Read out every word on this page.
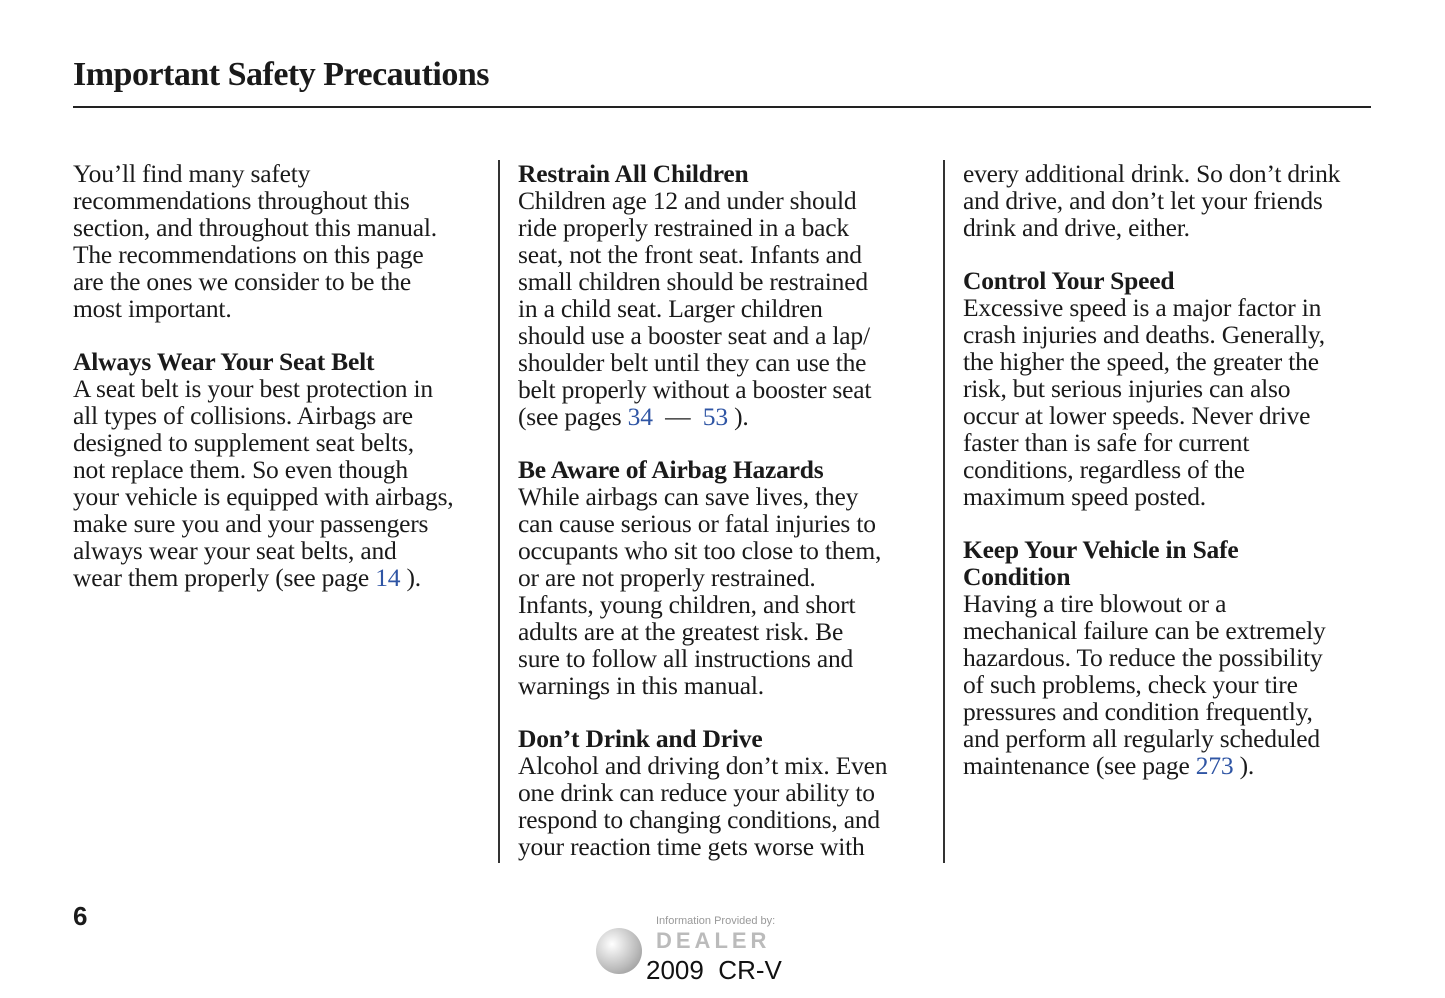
Important Safety Precautions
You’ll find many safety
recommendations throughout this
section, and throughout this manual.
The recommendations on this page
are the ones we consider to be the
most important.
Always Wear Your Seat Belt
A seat belt is your best protection in
all types of collisions. Airbags are
designed to supplement seat belts,
not replace them. So even though
your vehicle is equipped with airbags,
make sure you and your passengers
always wear your seat belts, and
wear them properly (see page 14 ).
Restrain All Children
Children age 12 and under should
ride properly restrained in a back
seat, not the front seat. Infants and
small children should be restrained
in a child seat. Larger children
should use a booster seat and a lap/
shoulder belt until they can use the
belt properly without a booster seat
(see pages 34  —  53 ).
Be Aware of Airbag Hazards
While airbags can save lives, they
can cause serious or fatal injuries to
occupants who sit too close to them,
or are not properly restrained.
Infants, young children, and short
adults are at the greatest risk. Be
sure to follow all instructions and
warnings in this manual.
Don’t Drink and Drive
Alcohol and driving don’t mix. Even
one drink can reduce your ability to
respond to changing conditions, and
your reaction time gets worse with
every additional drink. So don’t drink
and drive, and don’t let your friends
drink and drive, either.
Control Your Speed
Excessive speed is a major factor in
crash injuries and deaths. Generally,
the higher the speed, the greater the
risk, but serious injuries can also
occur at lower speeds. Never drive
faster than is safe for current
conditions, regardless of the
maximum speed posted.
Keep Your Vehicle in Safe
Condition
Having a tire blowout or a
mechanical failure can be extremely
hazardous. To reduce the possibility
of such problems, check your tire
pressures and condition frequently,
and perform all regularly scheduled
maintenance (see page 273 ).
6	Information Provided by:
DEALER
2009  CR-V
